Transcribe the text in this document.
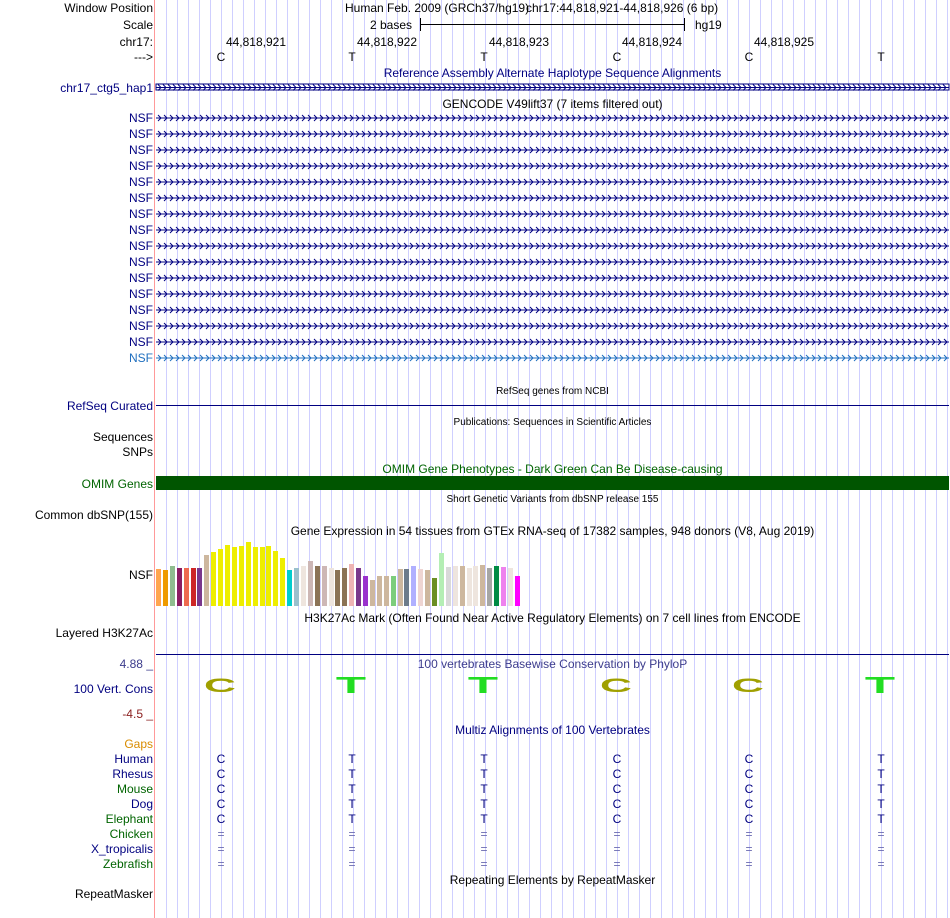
Window Position	Human Feb. 2009 (GRCh37/hg19)
chr17:44,818,921-44,818,926 (6 bp)
Scale	2 bases	hg19
chr17:	44,818,921	44,818,922	44,818,923	44,818,924	44,818,925
--->	C	T	T	C	C	T
Reference Assembly Alternate Haplotype Sequence Alignments
chr17_ctg5_hap1
GENCODE V49lift37 (7 items filtered out)
NSF
NSF
NSF
NSF
NSF
NSF
NSF
NSF
NSF
NSF
NSF
NSF
NSF
NSF
NSF
NSF
RefSeq genes from NCBI
RefSeq Curated
Publications: Sequences in Scientific Articles
Sequences
SNPs
OMIM Gene Phenotypes - Dark Green Can Be Disease-causing
OMIM Genes
Short Genetic Variants from dbSNP release 155
Common dbSNP(155)
Gene Expression in 54 tissues from GTEx RNA-seq of 17382 samples, 948 donors (V8, Aug 2019)
NSF
H3K27Ac Mark (Often Found Near Active Regulatory Elements) on 7 cell lines from ENCODE
Layered H3K27Ac
100 vertebrates Basewise Conservation by PhyloP
4.88 _
100 Vert. Cons
-4.5 _
C	T	T	C	C	T
Multiz Alignments of 100 Vertebrates
Gaps
Human	C	T	T	C	C	T
Rhesus	C	T	T	C	C	T
Mouse	C	T	T	C	C	T
Dog	C	T	T	C	C	T
Elephant	C	T	T	C	C	T
Chicken	=	=	=	=	=	=
X_tropicalis	=	=	=	=	=	=
Zebrafish	=	=	=	=	=	=
Repeating Elements by RepeatMasker
RepeatMasker
